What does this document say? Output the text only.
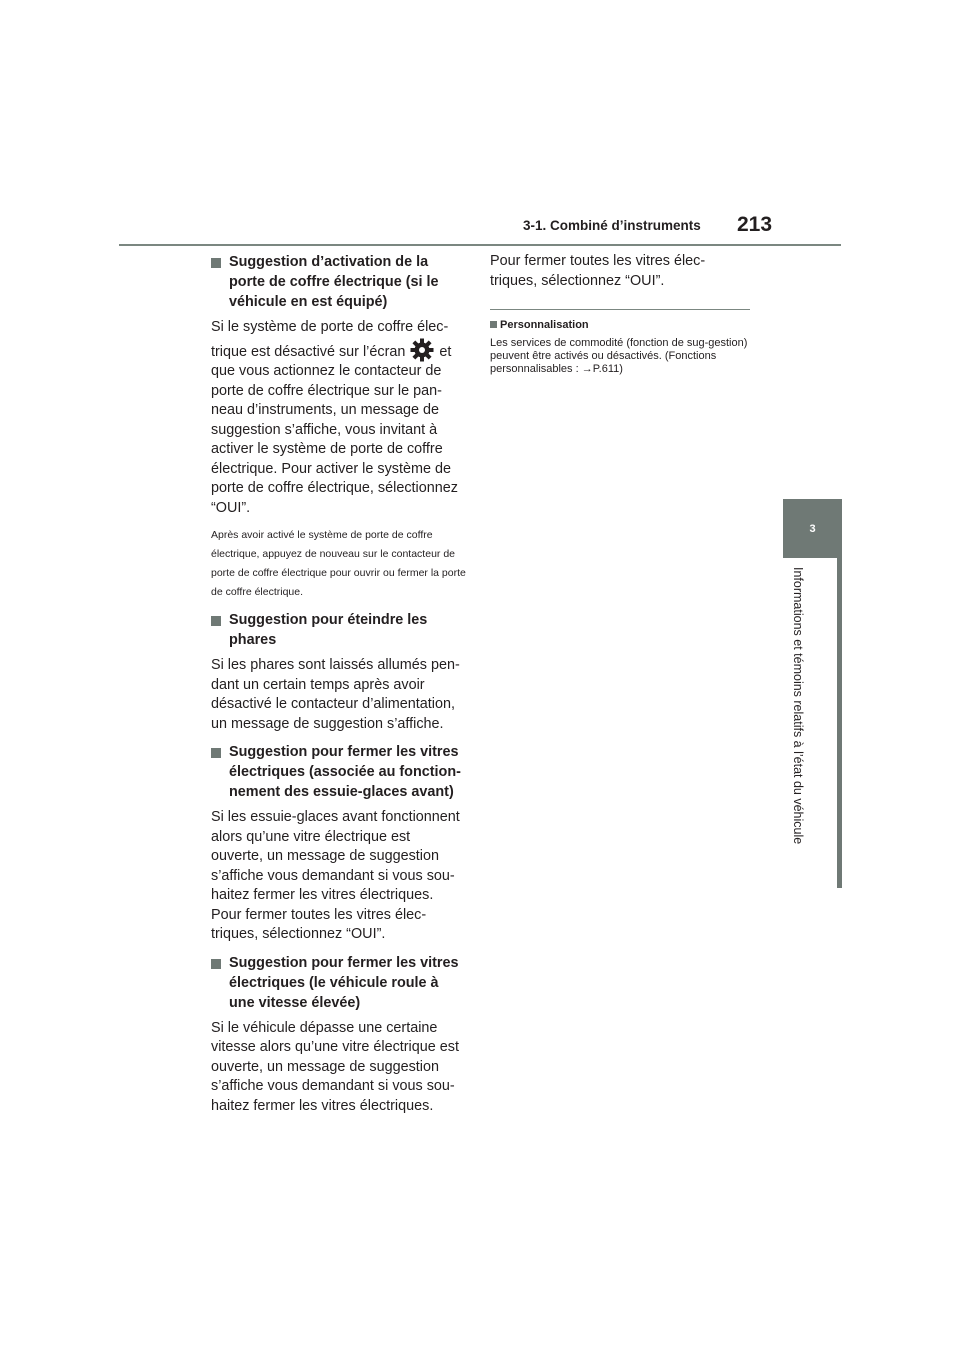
3-1. Combiné d’instruments 213
3
Informations et témoins relatifs à l’état du véhicule
Suggestion d’activation de la porte de coffre électrique (si le véhicule en est équipé)

Si le système de porte de coffre élec-trique est désactivé sur l’écran et que vous actionnez le contacteur de porte de coffre électrique sur le pan-neau d’instruments, un message de suggestion s’affiche, vous invitant à activer le système de porte de coffre électrique. Pour activer le système de porte de coffre électrique, sélectionnez “OUI”.

Après avoir activé le système de porte de coffre électrique, appuyez de nouveau sur le contacteur de porte de coffre électrique pour ouvrir ou fermer la porte de coffre électrique.

Suggestion pour éteindre les phares

Si les phares sont laissés allumés pen-dant un certain temps après avoir désactivé le contacteur d’alimentation, un message de suggestion s’affiche.

Suggestion pour fermer les vitres électriques (associée au fonction-nement des essuie-glaces avant)

Si les essuie-glaces avant fonctionnent alors qu’une vitre électrique est ouverte, un message de suggestion s’affiche vous demandant si vous sou-haitez fermer les vitres électriques. Pour fermer toutes les vitres élec-triques, sélectionnez “OUI”.

Suggestion pour fermer les vitres électriques (le véhicule roule à une vitesse élevée)

Si le véhicule dépasse une certaine vitesse alors qu’une vitre électrique est ouverte, un message de suggestion s’affiche vous demandant si vous sou-haitez fermer les vitres électriques.

Pour fermer toutes les vitres élec-triques, sélectionnez “OUI”.

Personnalisation
Les services de commodité (fonction de sug-gestion) peuvent être activés ou désactivés. (Fonctions personnalisables : →P.611)
